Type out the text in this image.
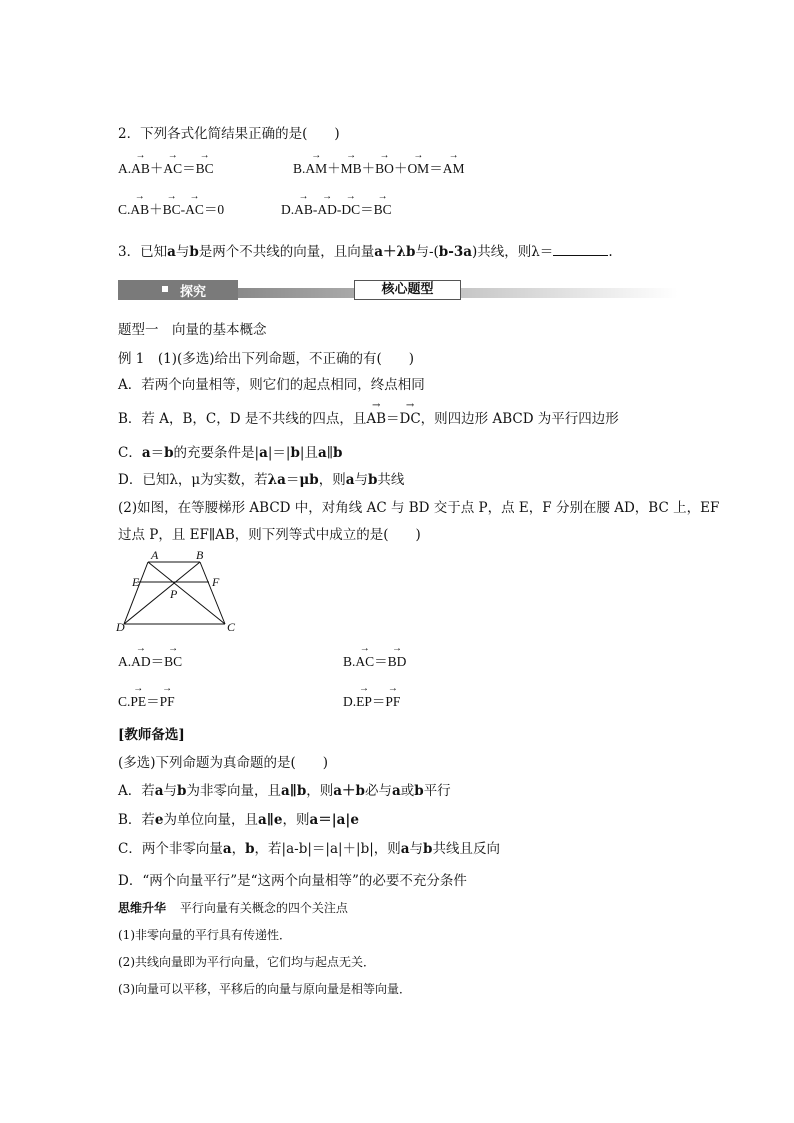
2．下列各式化简结果正确的是(　　)
A.→ AB＋→ AC＝→ BC	B.→ AM＋→ MB＋→ BO＋→ OM＝→ AM
C.→ AB＋→ BC-→ AC＝0	D.→ AB-→ AD-→ DC＝→ BC
3．已知a与b是两个不共线的向量，且向量a＋λb与-(b-3a)共线，则λ＝	.
探究	核心题型
题型一　向量的基本概念
例 1　(1)(多选)给出下列命题，不正确的有(　　)
A．若两个向量相等，则它们的起点相同，终点相同
B．若 A，B，C，D 是不共线的四点，且→ AB＝→ DC，则四边形 ABCD 为平行四边形
C．a＝b的充要条件是|a|＝|b|且a∥b
D．已知λ，μ为实数，若λa＝μb，则a与b共线
(2)如图，在等腰梯形 ABCD 中，对角线 AC 与 BD 交于点 P，点 E，F 分别在腰 AD，BC 上，EF
过点 P，且 EF∥AB，则下列等式中成立的是(　　)
A	B
E	F
P
D	C
A.→ AD＝→ BC	B.→ AC＝→ BD
C.→ PE＝→ PF	D.→ EP＝→ PF
[教师备选]
(多选)下列命题为真命题的是(　　)
A．若a与b为非零向量，且a∥b，则a＋b必与a或b平行
B．若e为单位向量，且a∥e，则a＝|a|e
C．两个非零向量a，b，若|a-b|＝|a|＋|b|，则a与b共线且反向
D．“两个向量平行”是“这两个向量相等”的必要不充分条件
思维升华 平行向量有关概念的四个关注点
(1)非零向量的平行具有传递性．
(2)共线向量即为平行向量，它们均与起点无关．
(3)向量可以平移，平移后的向量与原向量是相等向量．
